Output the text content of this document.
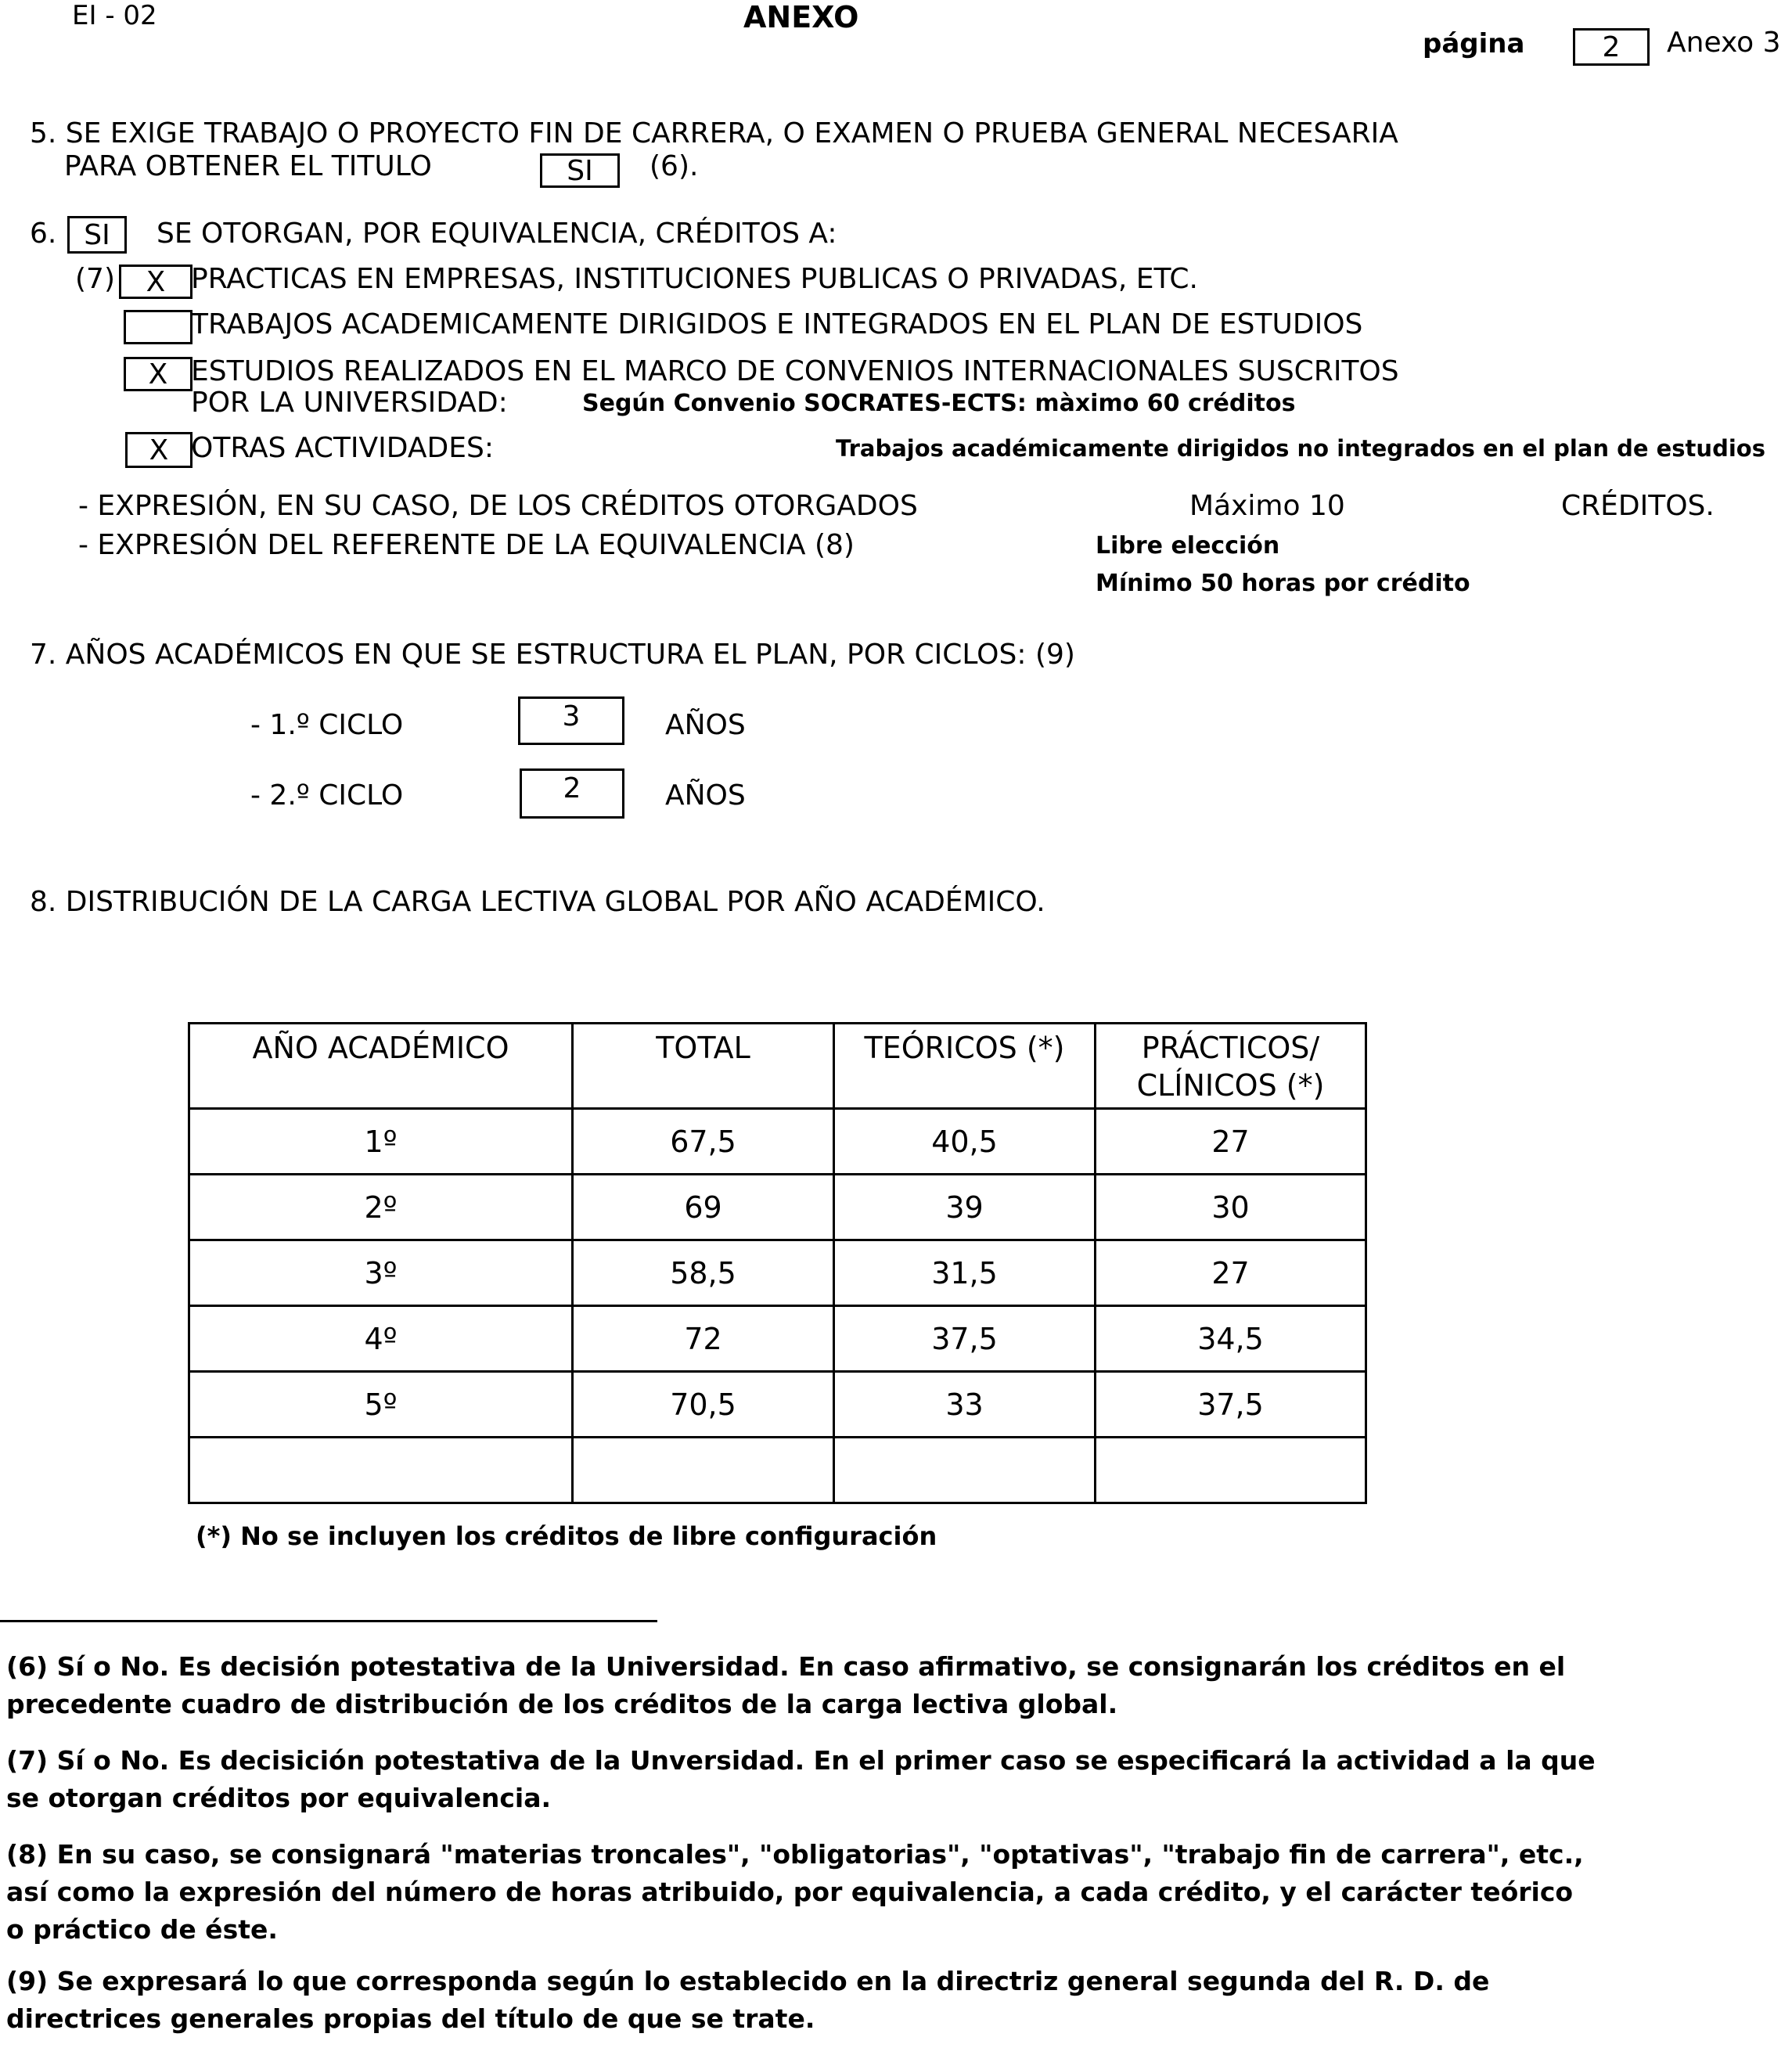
EI - 02	ANEXO
página	2 Anexo 3
5. SE EXIGE TRABAJO O PROYECTO FIN DE CARRERA, O EXAMEN O PRUEBA GENERAL NECESARIA
PARA OBTENER EL TITULO	SI (6).
6. SI SE OTORGAN, POR EQUIVALENCIA, CRÉDITOS A:
(7) X PRACTICAS EN EMPRESAS, INSTITUCIONES PUBLICAS O PRIVADAS, ETC.
TRABAJOS ACADEMICAMENTE DIRIGIDOS E INTEGRADOS EN EL PLAN DE ESTUDIOS
X ESTUDIOS REALIZADOS EN EL MARCO DE CONVENIOS INTERNACIONALES SUSCRITOS
POR LA UNIVERSIDAD:	Según Convenio SOCRATES-ECTS: màximo 60 créditos
X OTRAS ACTIVIDADES:	Trabajos académicamente dirigidos no integrados en el plan de estudios
- EXPRESIÓN, EN SU CASO, DE LOS CRÉDITOS OTORGADOS	Máximo 10	CRÉDITOS.
- EXPRESIÓN DEL REFERENTE DE LA EQUIVALENCIA (8)	Libre elección
Mínimo 50 horas por crédito
7. AÑOS ACADÉMICOS EN QUE SE ESTRUCTURA EL PLAN, POR CICLOS: (9)
- 1.º CICLO	3	AÑOS
- 2.º CICLO	2	AÑOS
8. DISTRIBUCIÓN DE LA CARGA LECTIVA GLOBAL POR AÑO ACADÉMICO.
AÑO ACADÉMICO	TOTAL	TEÓRICOS (*)	PRÁCTICOS/
CLÍNICOS (*)
1º	67,5	40,5	27
2º	69	39	30
3º	58,5	31,5	27
4º	72	37,5	34,5
5º	70,5	33	37,5

(*) No se incluyen los créditos de libre configuración
(6) Sí o No. Es decisión potestativa de la Universidad. En caso afirmativo, se consignarán los créditos en el
precedente cuadro de distribución de los créditos de la carga lectiva global.
(7) Sí o No. Es decisición potestativa de la Unversidad. En el primer caso se especificará la actividad a la que
se otorgan créditos por equivalencia.
(8) En su caso, se consignará "materias troncales", "obligatorias", "optativas", "trabajo fin de carrera", etc.,
así como la expresión del número de horas atribuido, por equivalencia, a cada crédito, y el carácter teórico
o práctico de éste.
(9) Se expresará lo que corresponda según lo establecido en la directriz general segunda del R. D. de
directrices generales propias del título de que se trate.
